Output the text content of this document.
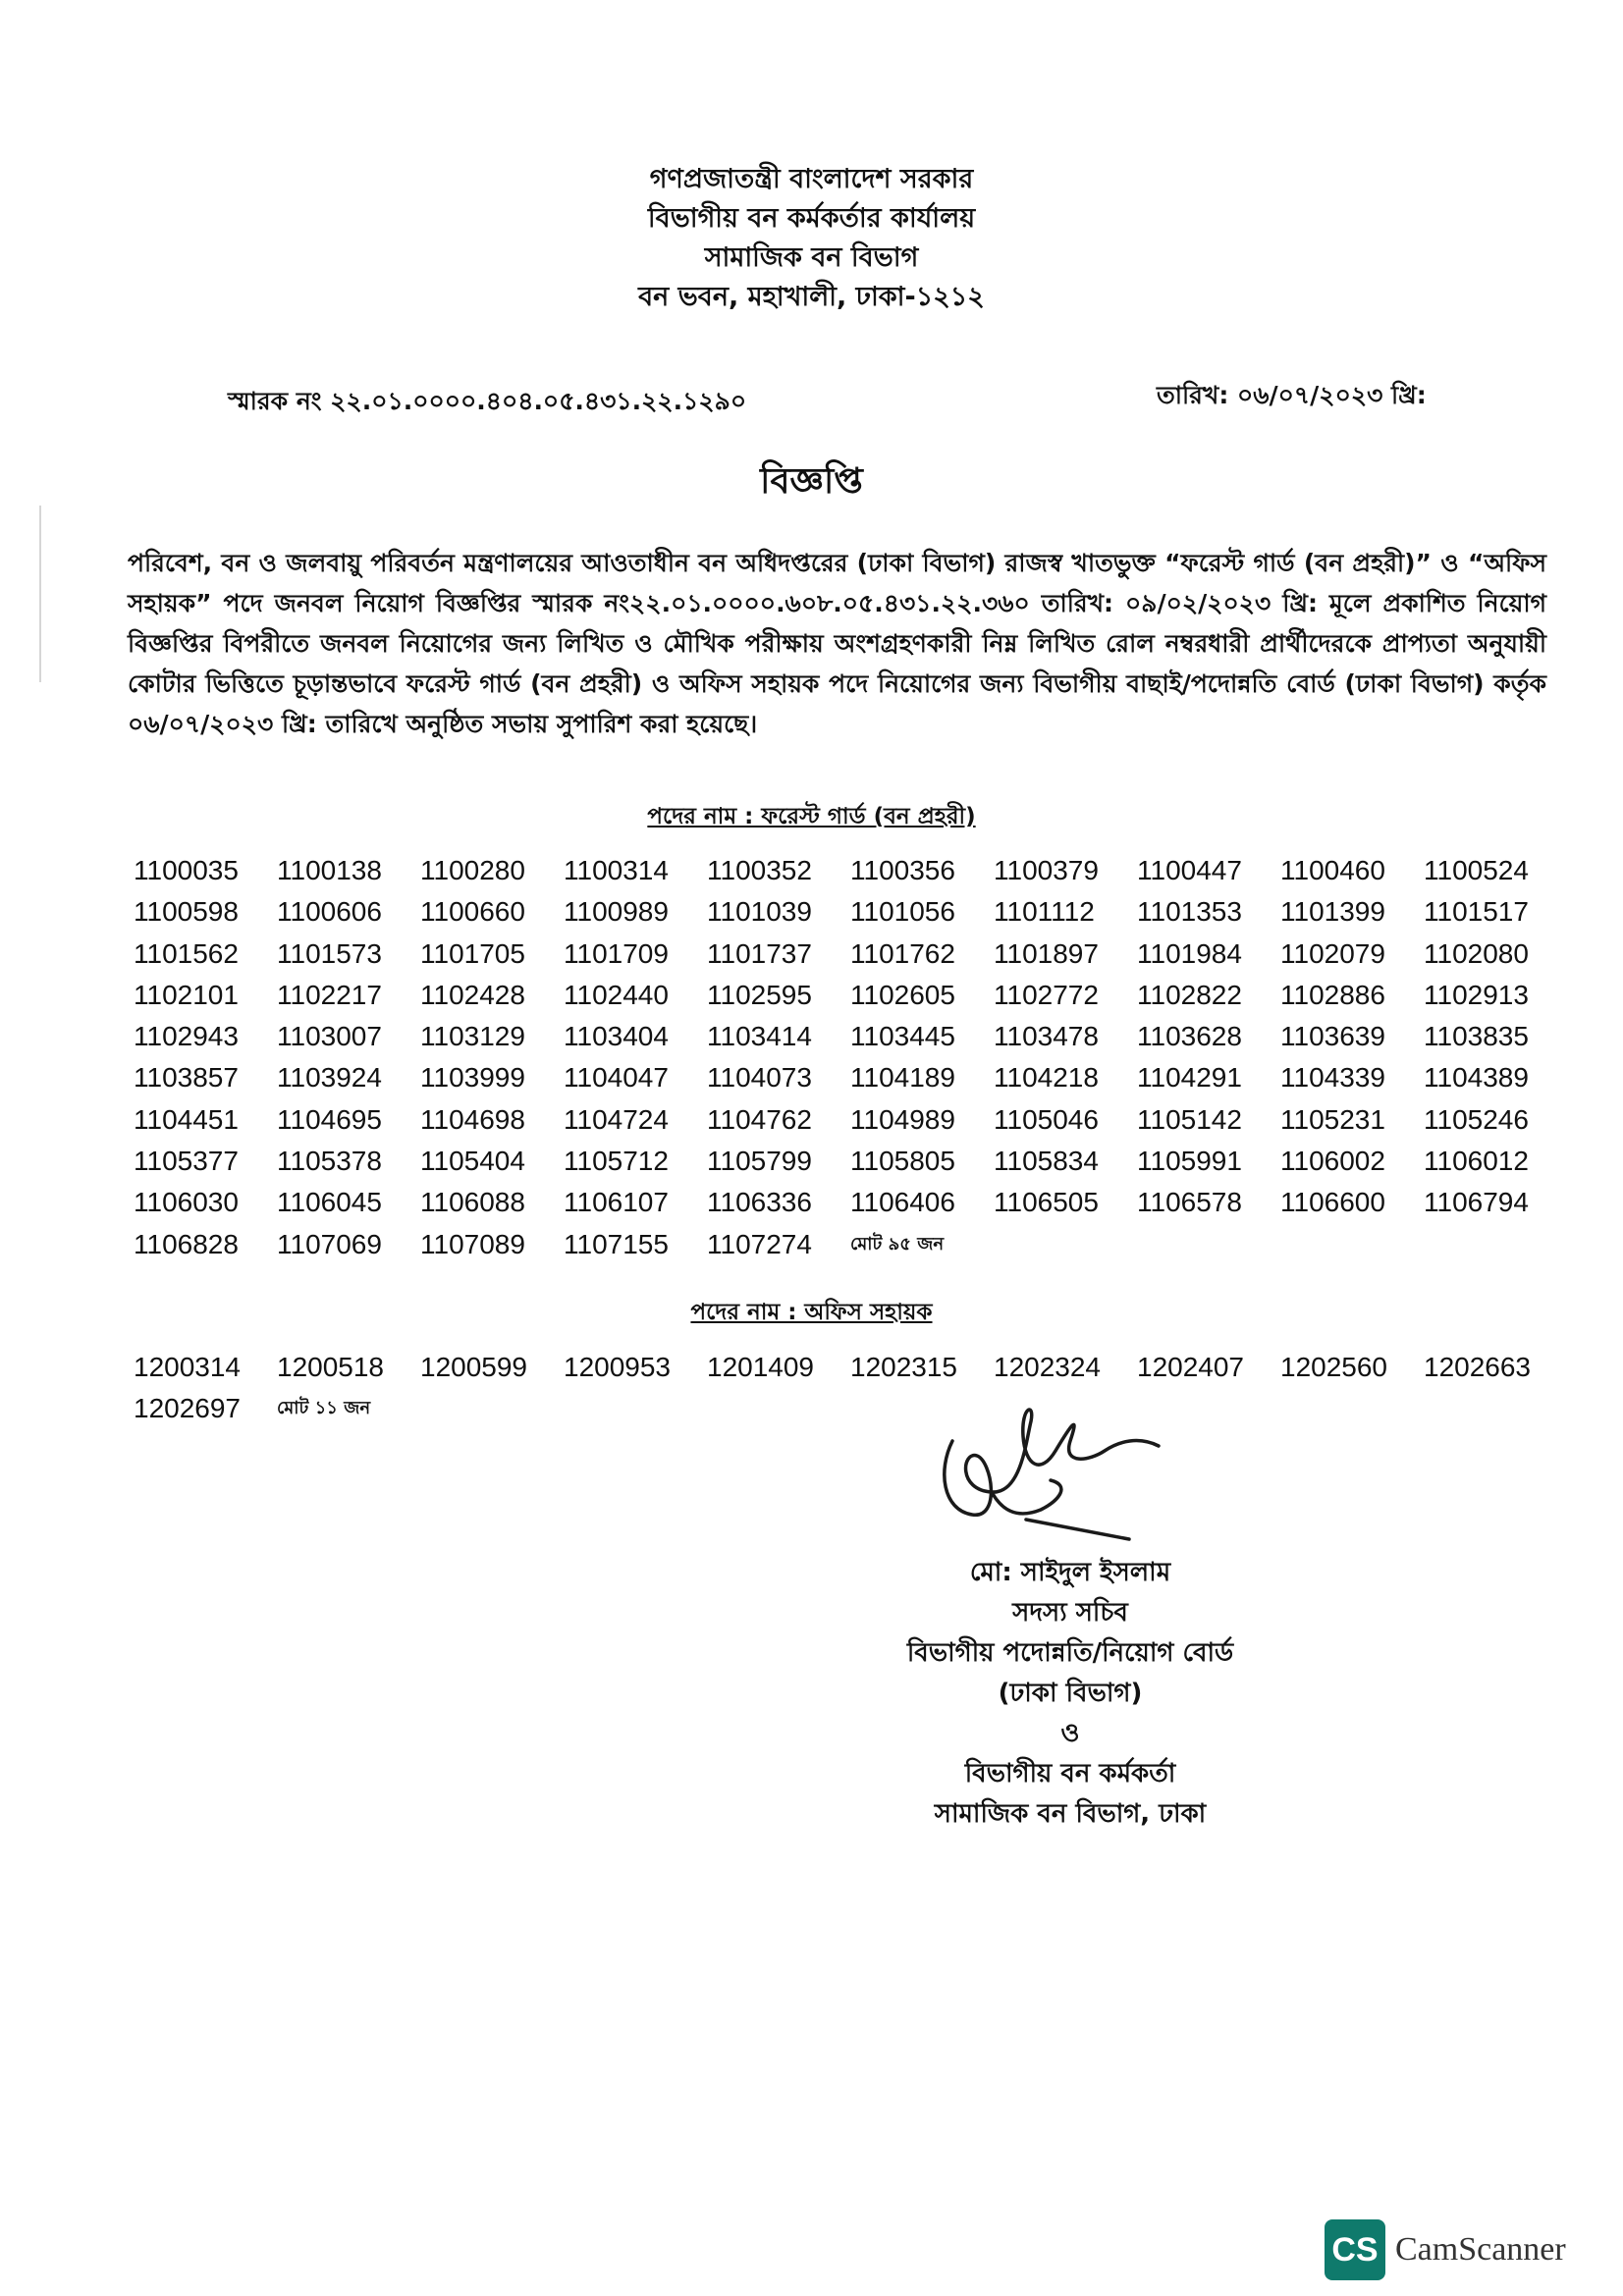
গণপ্রজাতন্ত্রী বাংলাদেশ সরকার
বিভাগীয় বন কর্মকর্তার কার্যালয়
সামাজিক বন বিভাগ
বন ভবন, মহাখালী, ঢাকা-১২১২
স্মারক নং ২২.০১.০০০০.৪০৪.০৫.৪৩১.২২.১২৯০	তারিখ: ০৬/০৭/২০২৩ খ্রি:
বিজ্ঞপ্তি
পরিবেশ, বন ও জলবায়ু পরিবর্তন মন্ত্রণালয়ের আওতাধীন বন অধিদপ্তরের (ঢাকা বিভাগ) রাজস্ব খাতভুক্ত “ফরেস্ট গার্ড (বন প্রহরী)” ও “অফিস সহায়ক” পদে জনবল নিয়োগ বিজ্ঞপ্তির স্মারক নং২২.০১.০০০০.৬০৮.০৫.৪৩১.২২.৩৬০ তারিখ: ০৯/০২/২০২৩ খ্রি: মূলে প্রকাশিত নিয়োগ বিজ্ঞপ্তির বিপরীতে জনবল নিয়োগের জন্য লিখিত ও মৌখিক পরীক্ষায় অংশগ্রহণকারী নিম্ন লিখিত রোল নম্বরধারী প্রার্থীদেরকে প্রাপ্যতা অনুযায়ী কোটার ভিত্তিতে চূড়ান্তভাবে ফরেস্ট গার্ড (বন প্রহরী) ও অফিস সহায়ক পদে নিয়োগের জন্য বিভাগীয় বাছাই/পদোন্নতি বোর্ড (ঢাকা বিভাগ) কর্তৃক ০৬/০৭/২০২৩ খ্রি: তারিখে অনুষ্ঠিত সভায় সুপারিশ করা হয়েছে।
পদের নাম : ফরেস্ট গার্ড (বন প্রহরী)
1100035	1100138	1100280	1100314	1100352	1100356	1100379	1100447	1100460	1100524
1100598	1100606	1100660	1100989	1101039	1101056	1101112	1101353	1101399	1101517
1101562	1101573	1101705	1101709	1101737	1101762	1101897	1101984	1102079	1102080
1102101	1102217	1102428	1102440	1102595	1102605	1102772	1102822	1102886	1102913
1102943	1103007	1103129	1103404	1103414	1103445	1103478	1103628	1103639	1103835
1103857	1103924	1103999	1104047	1104073	1104189	1104218	1104291	1104339	1104389
1104451	1104695	1104698	1104724	1104762	1104989	1105046	1105142	1105231	1105246
1105377	1105378	1105404	1105712	1105799	1105805	1105834	1105991	1106002	1106012
1106030	1106045	1106088	1106107	1106336	1106406	1106505	1106578	1106600	1106794
1106828	1107069	1107089	1107155	1107274	মোট ৯৫ জন
পদের নাম : অফিস সহায়ক
1200314	1200518	1200599	1200953	1201409	1202315	1202324	1202407	1202560	1202663
1202697	মোট ১১ জন
মো: সাইদুল ইসলাম
সদস্য সচিব
বিভাগীয় পদোন্নতি/নিয়োগ বোর্ড
(ঢাকা বিভাগ)
ও
বিভাগীয় বন কর্মকর্তা
সামাজিক বন বিভাগ, ঢাকা
CS CamScanner
